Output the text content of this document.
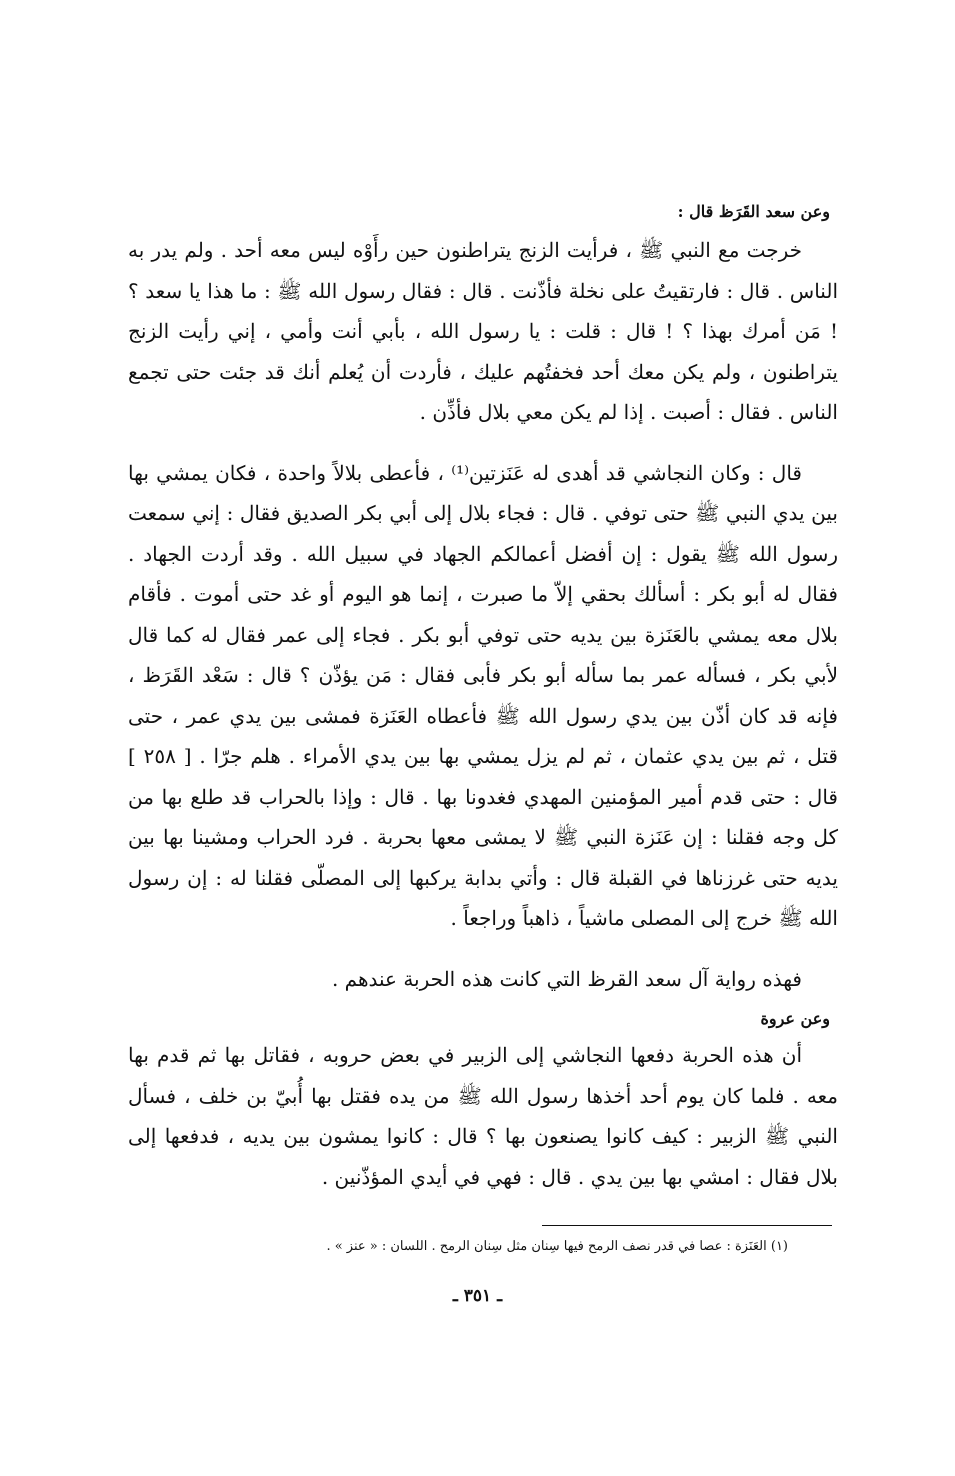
وعن سعد القَرَظ قال :

خرجت مع النبي ﷺ ، فرأيت الزنج يتراطنون حين رأَوْه ليس معه أحد . ولم يدر به الناس . قال : فارتقيتُ على نخلة فأذّنت . قال : فقال رسول الله ﷺ : ما هذا يا سعد ؟ ! مَن أمرك بهذا ؟ ! قال : قلت : يا رسول الله ، بأبي أنت وأمي ، إني رأيت الزنج يتراطنون ، ولم يكن معك أحد فخفتُهم عليك ، فأردت أن يُعلم أنك قد جئت حتى تجمع الناس . فقال : أصبت . إذا لم يكن معي بلال فأذِّن .

قال : وكان النجاشي قد أهدى له عَنَزتين⁽¹⁾ ، فأعطى بلالاً واحدة ، فكان يمشي بها بين يدي النبي ﷺ حتى توفي . قال : فجاء بلال إلى أبي بكر الصديق فقال : إني سمعت رسول الله ﷺ يقول : إن أفضل أعمالكم الجهاد في سبيل الله . وقد أردت الجهاد . فقال له أبو بكر : أسألك بحقي إلاّ ما صبرت ، إنما هو اليوم أو غد حتى أموت . فأقام بلال معه يمشي بالعَنَزة بين يديه حتى توفي أبو بكر . فجاء إلى عمر فقال له كما قال لأبي بكر ، فسأله عمر بما سأله أبو بكر فأبى فقال : مَن يؤذّن ؟ قال : سَعْد القَرَظ ، فإنه قد كان أذّن بين يدي رسول الله ﷺ فأعطاه العَنَزة فمشى بين يدي عمر ، حتى قتل ، ثم بين يدي عثمان ، ثم لم يزل يمشي بها بين يدي الأمراء . هلم جرّا . [ ٢٥٨ ] قال : حتى قدم أمير المؤمنين المهدي فغدونا بها . قال : وإذا بالحراب قد طلع بها من كل وجه فقلنا : إن عَنَزة النبي ﷺ لا يمشى معها بحربة . فرد الحراب ومشينا بها بين يديه حتى غرزناها في القبلة قال : وأتي بدابة يركبها إلى المصلّى فقلنا له : إن رسول الله ﷺ خرج إلى المصلى ماشياً ، ذاهباً وراجعاً .

فهذه رواية آل سعد القرظ التي كانت هذه الحربة عندهم .

وعن عروة

أن هذه الحربة دفعها النجاشي إلى الزبير في بعض حروبه ، فقاتل بها ثم قدم بها معه . فلما كان يوم أحد أخذها رسول الله ﷺ من يده فقتل بها أُبيّ بن خلف ، فسأل النبي ﷺ الزبير : كيف كانوا يصنعون بها ؟ قال : كانوا يمشون بين يديه ، فدفعها إلى بلال فقال : امشي بها بين يدي . قال : فهي في أيدي المؤذّنين .

(١) العَنَزة : عصا في قدر نصف الرمح فيها سِنان مثل سِنان الرمح . اللسان : « عنز » .
ـ ٣٥١ ـ
